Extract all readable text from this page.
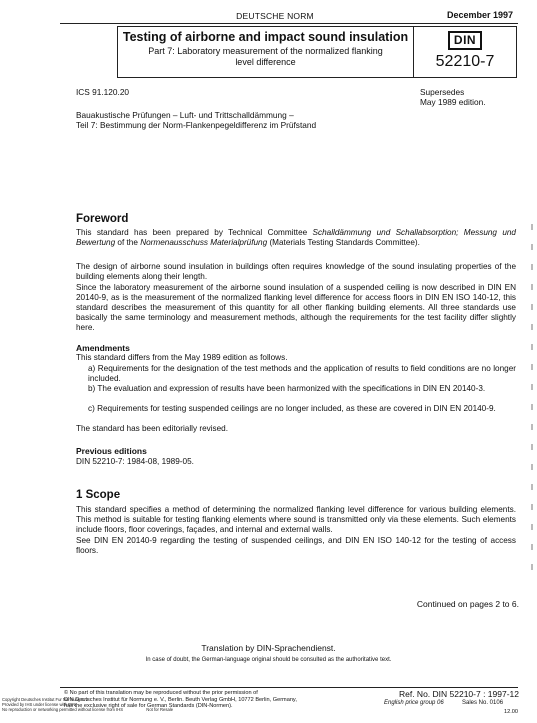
DEUTSCHE NORM	December 1997
Testing of airborne and impact sound insulation
Part 7: Laboratory measurement of the normalized flanking level difference
DIN
52210-7
ICS 91.120.20	Supersedes
May 1989 edition.
Bauakustische Prüfungen – Luft- und Trittschalldämmung –
Teil 7: Bestimmung der Norm-Flankenpegeldifferenz im Prüfstand
Foreword
This standard has been prepared by Technical Committee Schalldämmung und Schallabsorption; Messung und Bewertung of the Normenausschuss Materialprüfung (Materials Testing Standards Committee).
The design of airborne sound insulation in buildings often requires knowledge of the sound insulating properties of the building elements along their length.
Since the laboratory measurement of the airborne sound insulation of a suspended ceiling is now described in DIN EN 20140-9, as is the measurement of the normalized flanking level difference for access floors in DIN EN ISO 140-12, this standard describes the measurement of this quantity for all other flanking building elements. All three standards use basically the same terminology and measurement methods, although the requirements for the test facility differ slightly here.
Amendments
This standard differs from the May 1989 edition as follows.
a) Requirements for the designation of the test methods and the application of results to field conditions are no longer included.
b) The evaluation and expression of results have been harmonized with the specifications in DIN EN 20140-3.
c) Requirements for testing suspended ceilings are no longer included, as these are covered in DIN EN 20140-9.
The standard has been editorially revised.
Previous editions
DIN 52210-7: 1984-08, 1989-05.
1 Scope
This standard specifies a method of determining the normalized flanking level difference for various building elements. This method is suitable for testing flanking elements where sound is transmitted only via these elements. Such elements include floors, floor coverings, façades, and internal and external walls.
See DIN EN 20140-9 regarding the testing of suspended ceilings, and DIN EN ISO 140-12 for the testing of access floors.
Continued on pages 2 to 6.
Translation by DIN-Sprachendienst.
In case of doubt, the German-language original should be consulted as the authoritative text.
© No part of this translation may be reproduced without the prior permission of
DIN Deutsches Institut für Normung e. V., Berlin. Beuth Verlag GmbH, 10772 Berlin, Germany,
has the exclusive right of sale for German Standards (DIN-Normen).
Ref. No. DIN 52210-7 : 1997-12
English price group 06	Sales No. 0106
12.00
Copyright Deutsches Institut Fur Normung E.V.
Provided by IHS under license with DIN
No reproduction or networking permitted without license from IHS                    Not for Resale
